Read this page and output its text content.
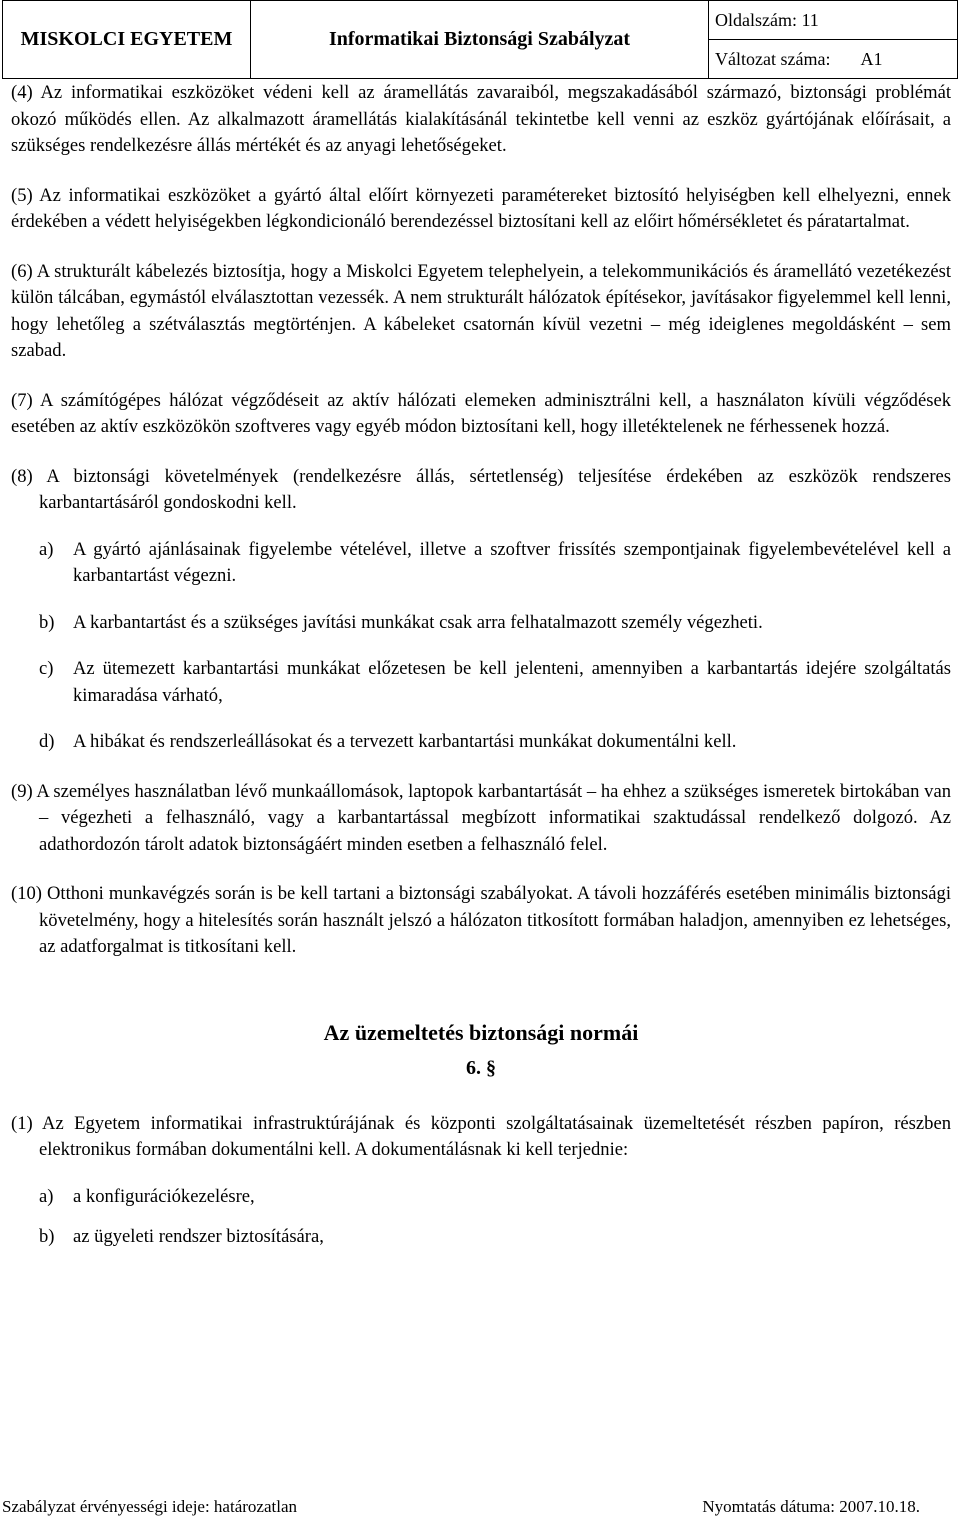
MISKOLCI EGYETEM	Informatikai Biztonsági Szabályzat	Oldalszám: 11
Változat száma: A1

(4) Az informatikai eszközöket védeni kell az áramellátás zavaraiból, megszakadásából származó, biztonsági problémát okozó működés ellen. Az alkalmazott áramellátás kialakításánál tekintetbe kell venni az eszköz gyártójának előírásait, a szükséges rendelkezésre állás mértékét és az anyagi lehetőségeket.

(5) Az informatikai eszközöket a gyártó által előírt környezeti paramétereket biztosító helyiségben kell elhelyezni, ennek érdekében a védett helyiségekben légkondicionáló berendezéssel biztosítani kell az előirt hőmérsékletet és páratartalmat.

(6) A strukturált kábelezés biztosítja, hogy a Miskolci Egyetem telephelyein, a telekommunikációs és áramellátó vezetékezést külön tálcában, egymástól elválasztottan vezessék. A nem strukturált hálózatok építésekor, javításakor figyelemmel kell lenni, hogy lehetőleg a szétválasztás megtörténjen. A kábeleket csatornán kívül vezetni – még ideiglenes megoldásként – sem szabad.

(7) A számítógépes hálózat végződéseit az aktív hálózati elemeken adminisztrálni kell, a használaton kívüli végződések esetében az aktív eszközökön szoftveres vagy egyéb módon biztosítani kell, hogy illetéktelenek ne férhessenek hozzá.

(8) A biztonsági követelmények (rendelkezésre állás, sértetlenség) teljesítése érdekében az eszközök rendszeres karbantartásáról gondoskodni kell.

a) A gyártó ajánlásainak figyelembe vételével, illetve a szoftver frissítés szempontjainak figyelembevételével kell a karbantartást végezni.

b) A karbantartást és a szükséges javítási munkákat csak arra felhatalmazott személy végezheti.

c) Az ütemezett karbantartási munkákat előzetesen be kell jelenteni, amennyiben a karbantartás idejére szolgáltatás kimaradása várható,

d) A hibákat és rendszerleállásokat és a tervezett karbantartási munkákat dokumentálni kell.

(9) A személyes használatban lévő munkaállomások, laptopok karbantartását – ha ehhez a szükséges ismeretek birtokában van – végezheti a felhasználó, vagy a karbantartással megbízott informatikai szaktudással rendelkező dolgozó. Az adathordozón tárolt adatok biztonságáért minden esetben a felhasználó felel.

(10) Otthoni munkavégzés során is be kell tartani a biztonsági szabályokat. A távoli hozzáférés esetében minimális biztonsági követelmény, hogy a hitelesítés során használt jelszó a hálózaton titkosított formában haladjon, amennyiben ez lehetséges, az adatforgalmat is titkosítani kell.

Az üzemeltetés biztonsági normái

6. §

(1) Az Egyetem informatikai infrastruktúrájának és központi szolgáltatásainak üzemeltetését részben papíron, részben elektronikus formában dokumentálni kell. A dokumentálásnak ki kell terjednie:

a) a konfigurációkezelésre,

b) az ügyeleti rendszer biztosítására,

Szabályzat érvényességi ideje: határozatlan	Nyomtatás dátuma: 2007.10.18.
